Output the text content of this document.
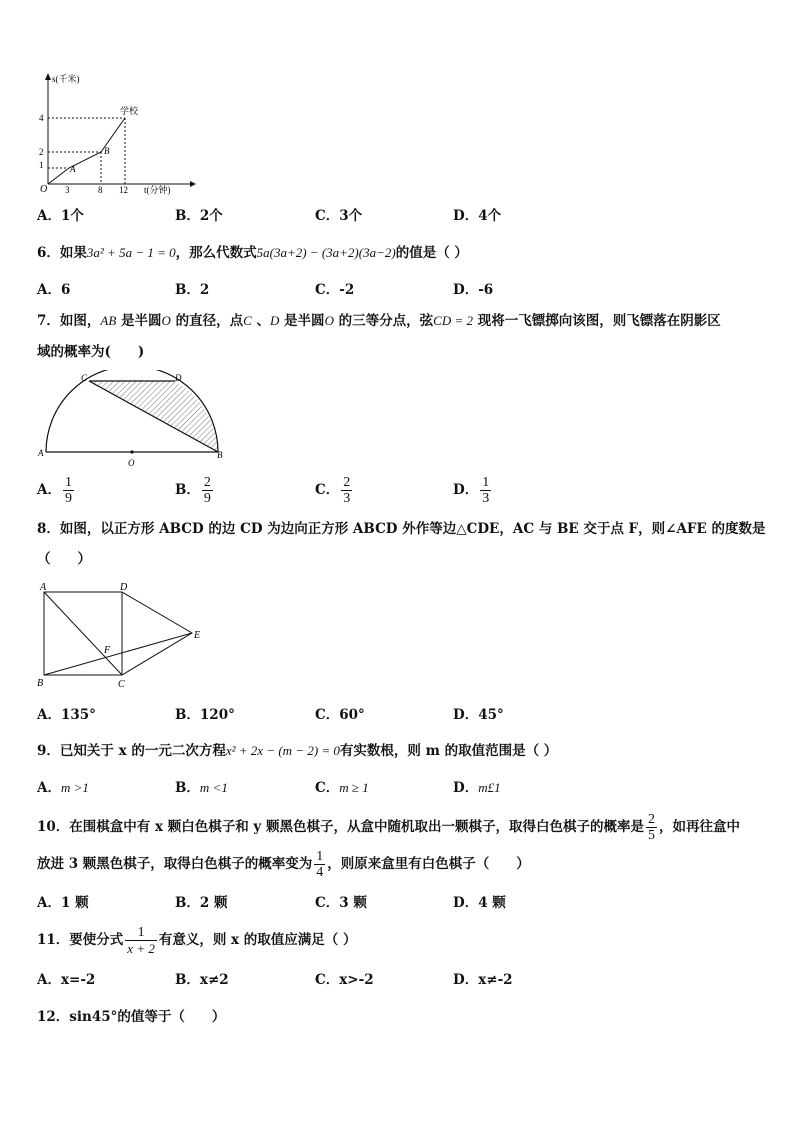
s(千米)
t(分钟)
O
4
2
1
3	8 12
A
B
学校
A．1个	B．2个	C．3个	D．4个
6．如果3a² + 5a − 1 = 0，那么代数式5a(3a+2) − (3a+2)(3a−2)的值是（ ）
A．6	B．2	C．-2	D．-6
7．如图，AB 是半圆O 的直径，点C 、D 是半圆O 的三等分点，弦CD = 2 现将一飞镖掷向该图，则飞镖落在阴影区
域的概率为(　　)
A	B
C	D
O
A． $\frac{1}{9}$	B． $\frac{2}{9}$	C． $\frac{2}{3}$	D． $\frac{1}{3}$
8．如图，以正方形 ABCD 的边 CD 为边向正方形 ABCD 外作等边△CDE，AC 与 BE 交于点 F，则∠AFE 的度数是
（　　）
A	D
B	C
E
F
A．135°	B．120°	C．60°	D．45°
9．已知关于 x 的一元二次方程x² + 2x − (m − 2) = 0有实数根，则 m 的取值范围是（ ）
A．m >1	B．m <1	C．m ≥ 1	D．m£1
10．在围棋盒中有 x 颗白色棋子和 y 颗黑色棋子，从盒中随机取出一颗棋子，取得白色棋子的概率是 $\frac{2}{5}$ ，如再往盒中
放进 3 颗黑色棋子，取得白色棋子的概率变为 $\frac{1}{4}$ ，则原来盒里有白色棋子（　　）
A．1 颗	B．2 颗	C．3 颗	D．4 颗
11．要使分式 $\frac{1}{x + 2}$ 有意义，则 x 的取值应满足（ ）
A．x=-2	B．x≠2	C．x>-2	D．x≠-2
12．sin45°的值等于（　　）
